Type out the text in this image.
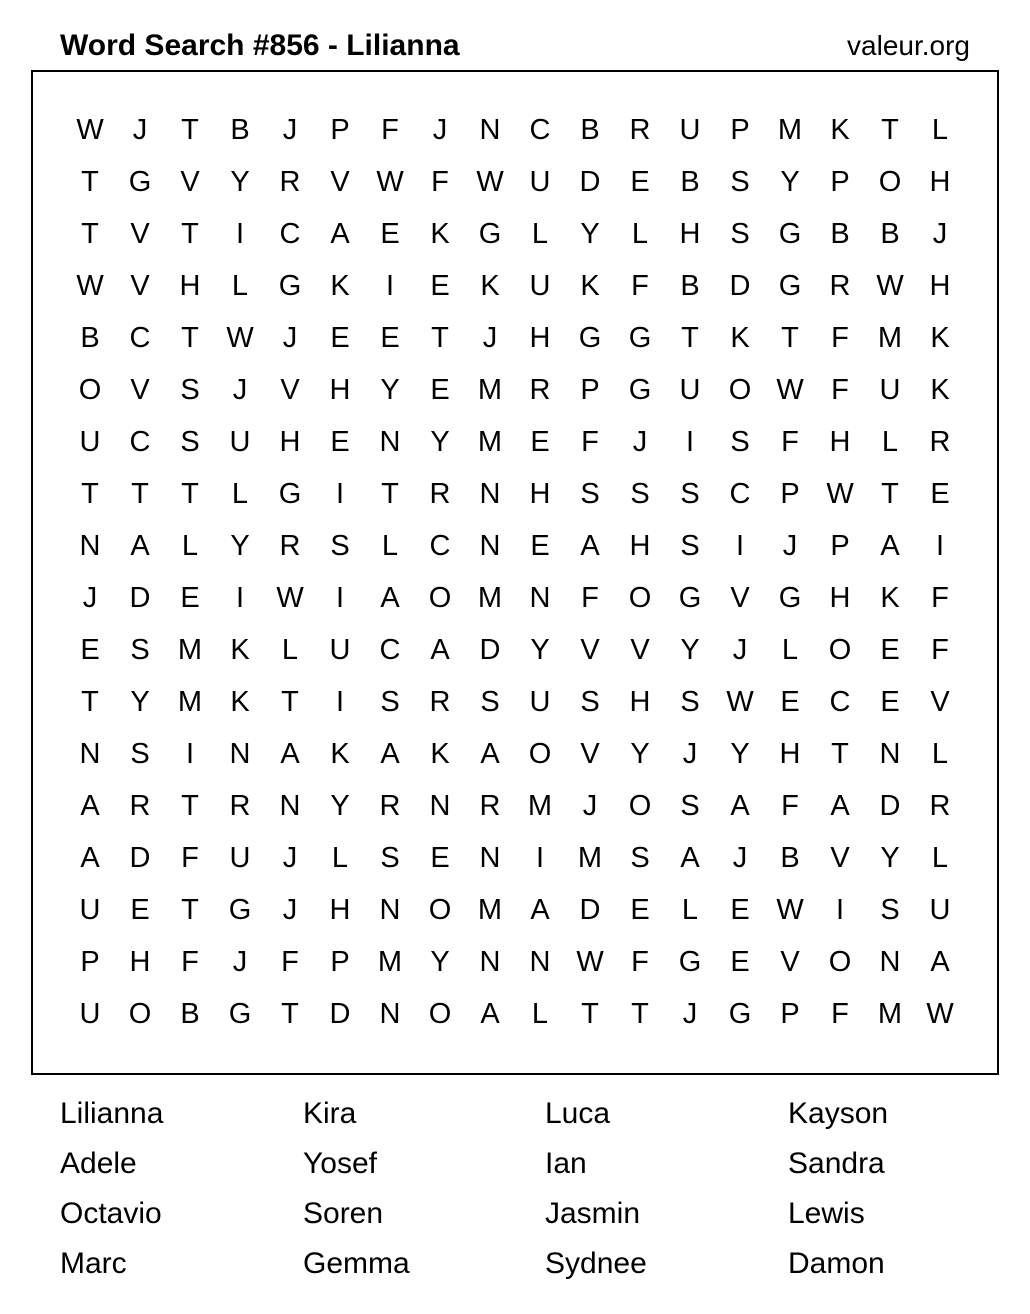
Word Search #856 - Lilianna	valeur.org
W	J	T	B	J	P	F	J	N	C	B	R	U	P M K	T	L
T	G	V	Y	R	V W F W U	D	E	B	S	Y	P	O H
T	V	T	I	C	A	E	K	G	L	Y	L	H	S	G	B	B	J
W V	H	L	G	K	I	E	K	U	K	F	B	D G R W H
B	C	T W	J	E	E	T	J	H G G	T	K	T	F	M K
O	V	S	J	V	H	Y	E M R	P	G U O W F	U	K
U	C	S	U	H	E	N	Y M E	F	J	I	S	F	H	L	R
T	T	T	L	G	I	T	R	N	H	S	S	S	C	P W T	E
N	A	L	Y	R	S	L	C	N	E	A	H	S	I	J	P	A	I
J	D	E	I	W	I	A	O M N	F	O G	V	G H	K	F
E	S M K	L	U	C	A	D	Y	V	V	Y	J	L	O	E	F
T	Y M K	T	I	S	R	S	U	S	H	S W E	C	E	V
N	S	I	N	A	K	A	K	A	O	V	Y	J	Y	H	T	N	L
A	R	T	R	N	Y	R	N	R M	J	O	S	A	F	A	D	R
A	D	F	U	J	L	S	E	N	I	M S	A	J	B	V	Y	L
U	E	T	G	J	H	N O M A	D	E	L	E W	I	S	U
P	H	F	J	F	P M Y	N	N W F	G	E	V	O N	A
U O	B	G	T	D	N O	A	L	T	T	J	G	P	F	M W
Lilianna	Kira	Luca	Kayson
Adele	Yosef	Ian	Sandra
Octavio	Soren	Jasmin	Lewis
Marc	Gemma	Sydnee	Damon
